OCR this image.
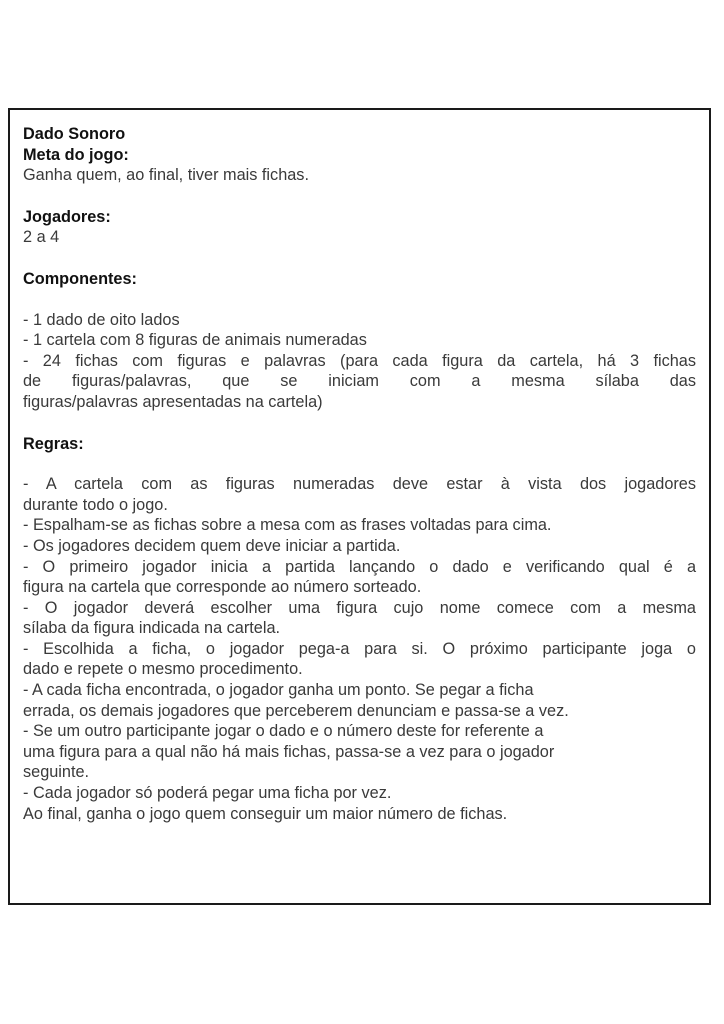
Dado Sonoro
Meta do jogo:
Ganha quem, ao final, tiver mais fichas.
Jogadores:
2 a 4
Componentes:
- 1 dado de oito lados
- 1 cartela com 8 figuras de animais numeradas
- 24 fichas com figuras e palavras (para cada figura da cartela, há 3 fichas
de figuras/palavras, que se iniciam com a mesma sílaba das
figuras/palavras apresentadas na cartela)
Regras:
- A cartela com as figuras numeradas deve estar à vista dos jogadores
durante todo o jogo.
- Espalham-se as fichas sobre a mesa com as frases voltadas para cima.
- Os jogadores decidem quem deve iniciar a partida.
- O primeiro jogador inicia a partida lançando o dado e verificando qual é a
figura na cartela que corresponde ao número sorteado.
- O jogador deverá escolher uma figura cujo nome comece com a mesma
sílaba da figura indicada na cartela.
- Escolhida a ficha, o jogador pega-a para si. O próximo participante joga o
dado e repete o mesmo procedimento.
- A cada ficha encontrada, o jogador ganha um ponto. Se pegar a ficha
errada, os demais jogadores que perceberem denunciam e passa-se a vez.
- Se um outro participante jogar o dado e o número deste for referente a
uma figura para a qual não há mais fichas, passa-se a vez para o jogador
seguinte.
- Cada jogador só poderá pegar uma ficha por vez.
Ao final, ganha o jogo quem conseguir um maior número de fichas.
